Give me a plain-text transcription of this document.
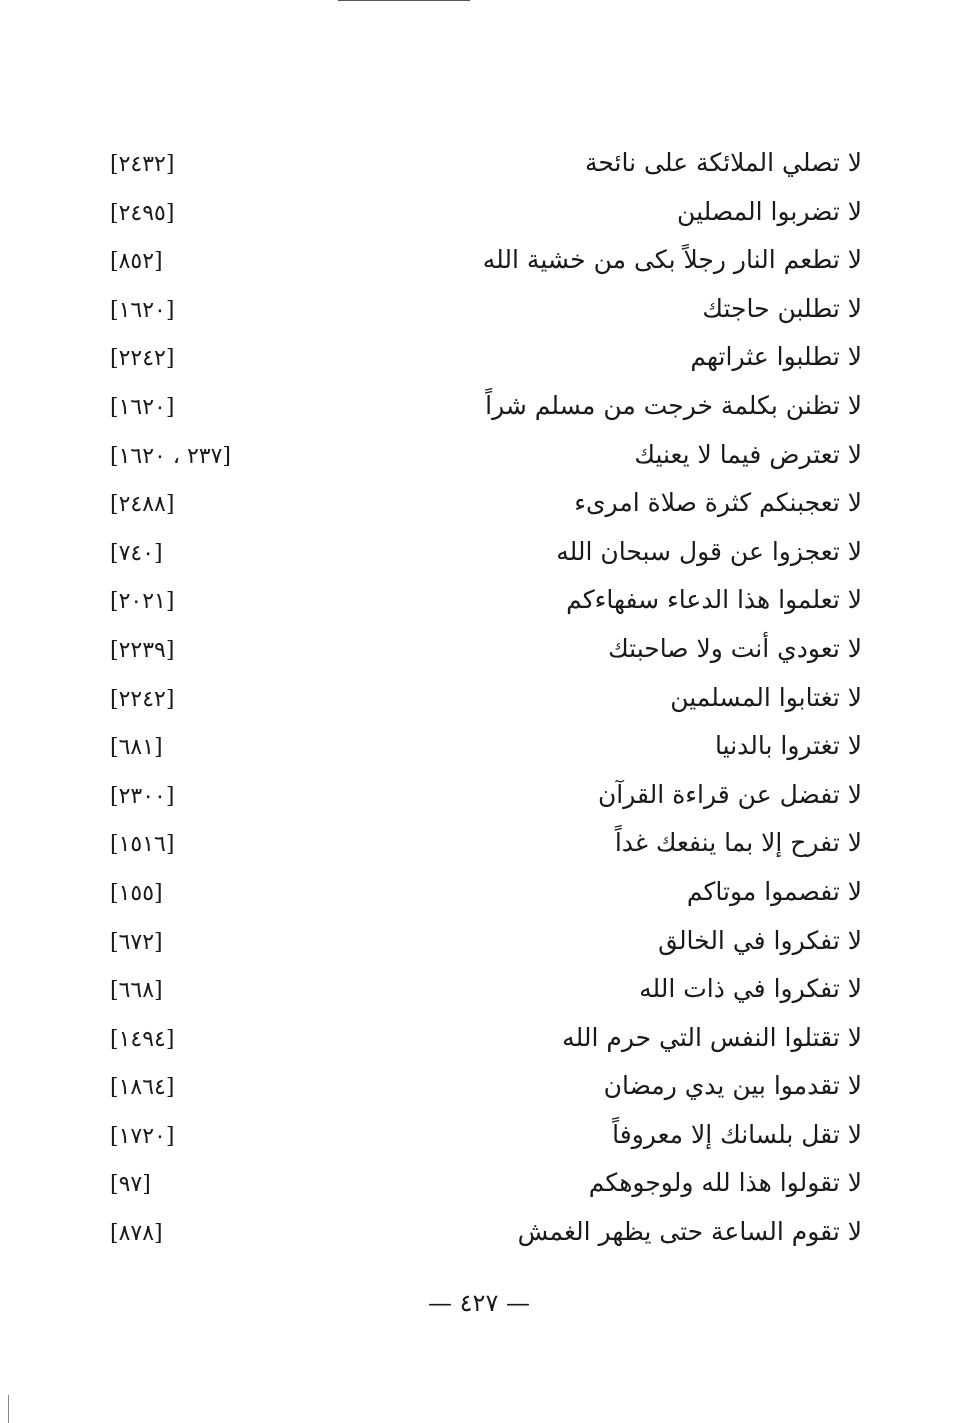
لا تصلي الملائكة على نائحة
[٢٤٣٢]
لا تضربوا المصلين
[٢٤٩٥]
لا تطعم النار رجلاً بكى من خشية الله
[٨٥٢]
لا تطلبن حاجتك
[١٦٢٠]
لا تطلبوا عثراتهم
[٢٢٤٢]
لا تظنن بكلمة خرجت من مسلم شراً
[١٦٢٠]
لا تعترض فيما لا يعنيك
[٢٣٧ ، ١٦٢٠]
لا تعجبنكم كثرة صلاة امرىء
[٢٤٨٨]
لا تعجزوا عن قول سبحان الله
[٧٤٠]
لا تعلموا هذا الدعاء سفهاءكم
[٢٠٢١]
لا تعودي أنت ولا صاحبتك
[٢٢٣٩]
لا تغتابوا المسلمين
[٢٢٤٢]
لا تغتروا بالدنيا
[٦٨١]
لا تفضل عن قراءة القرآن
[٢٣٠٠]
لا تفرح إلا بما ينفعك غداً
[١٥١٦]
لا تفصموا موتاكم
[١٥٥]
لا تفكروا في الخالق
[٦٧٢]
لا تفكروا في ذات الله
[٦٦٨]
لا تقتلوا النفس التي حرم الله
[١٤٩٤]
لا تقدموا بين يدي رمضان
[١٨٦٤]
لا تقل بلسانك إلا معروفاً
[١٧٢٠]
لا تقولوا هذا لله ولوجوهكم
[٩٧]
لا تقوم الساعة حتى يظهر الغمش
[٨٧٨]
— ٤٢٧ —
